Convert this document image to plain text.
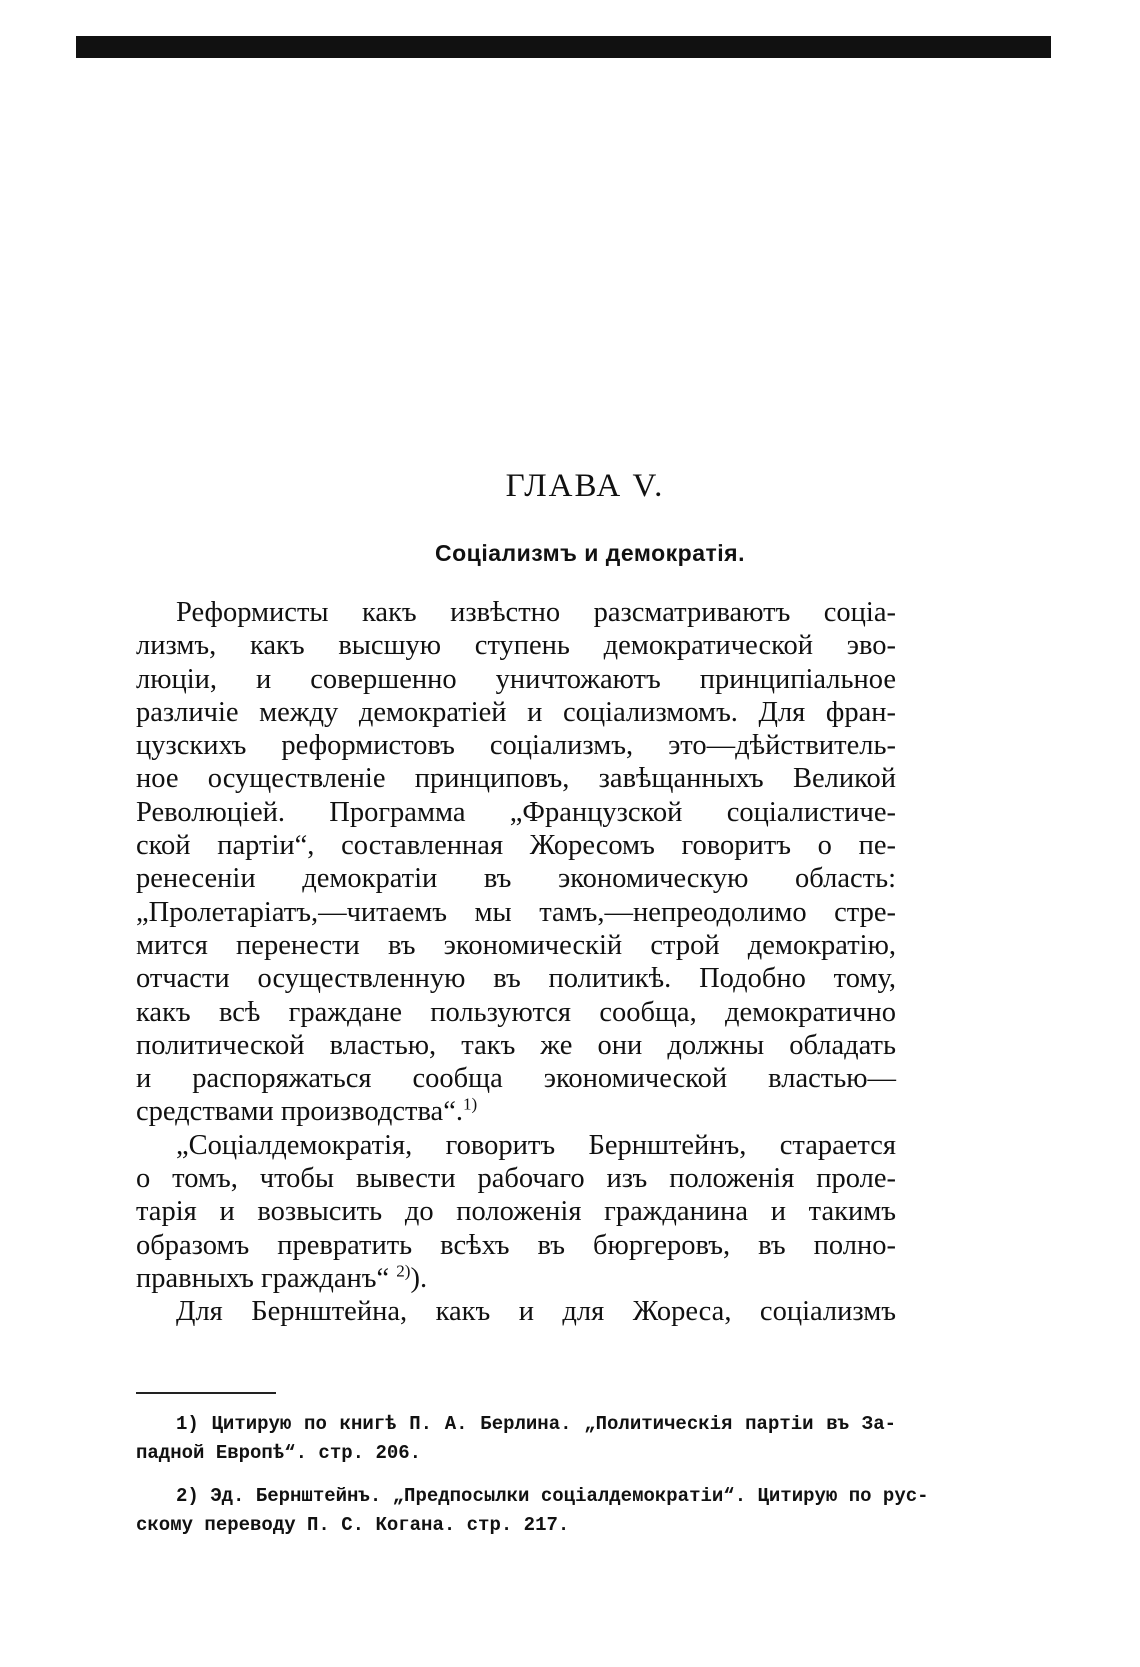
ГЛАВА V.
Соціализмъ и демократія.
Реформисты какъ извѣстно разсматриваютъ соціа-
лизмъ, какъ высшую ступень демократической эво-
люціи, и совершенно уничтожаютъ принципіальное
различіе между демократіей и соціализмомъ. Для фран-
цузскихъ реформистовъ соціализмъ, это—дѣйствитель-
ное осуществленіе принциповъ, завѣщанныхъ Великой
Революціей. Программа „Французской соціалистиче-
ской партіи“, составленная Жоресомъ говоритъ о пе-
ренесеніи демократіи въ экономическую область:
„Пролетаріатъ,—читаемъ мы тамъ,—непреодолимо стре-
мится перенести въ экономическій строй демократію,
отчасти осуществленную въ политикѣ. Подобно тому,
какъ всѣ граждане пользуются сообща, демократично
политической властью, такъ же они должны обладать
и распоряжаться сообща экономической властью—
средствами производства“.$^{1)}$
„Соціалдемократія, говоритъ Бернштейнъ, старается
о томъ, чтобы вывести рабочаго изъ положенія проле-
тарія и возвысить до положенія гражданина и такимъ
образомъ превратить всѣхъ въ бюргеровъ, въ полно-
правныхъ гражданъ“ $^{2)}$).
Для Бернштейна, какъ и для Жореса, соціализмъ
1) Цитирую по книгѣ П. А. Берлина. „Политическія партіи въ За-
падной Европѣ“. стр. 206.
2) Эд. Бернштейнъ. „Предпосылки соціалдемократіи“. Цитирую по рус-
скому переводу П. С. Когана. стр. 217.
